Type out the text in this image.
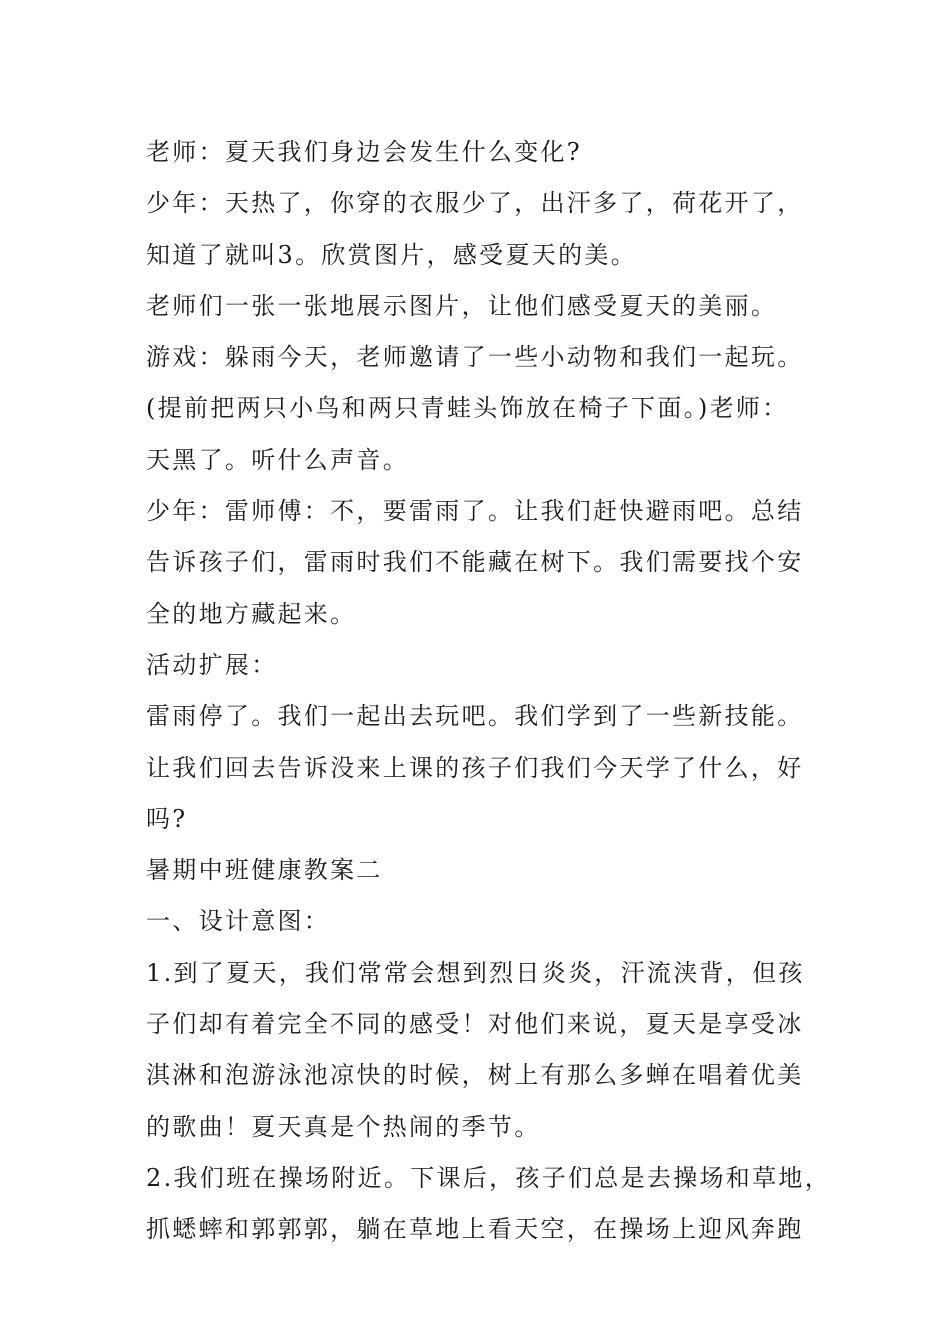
老师：夏天我们身边会发生什么变化?
少年：天热了，你穿的衣服少了，出汗多了，荷花开了，
知道了就叫3。欣赏图片，感受夏天的美。
老师们一张一张地展示图片，让他们感受夏天的美丽。
游戏：躲雨今天，老师邀请了一些小动物和我们一起玩。
(提前把两只小鸟和两只青蛙头饰放在椅子下面。)老师：
天黑了。听什么声音。
少年：雷师傅：不，要雷雨了。让我们赶快避雨吧。总结
告诉孩子们，雷雨时我们不能藏在树下。我们需要找个安
全的地方藏起来。
活动扩展：
雷雨停了。我们一起出去玩吧。我们学到了一些新技能。
让我们回去告诉没来上课的孩子们我们今天学了什么，好
吗?
暑期中班健康教案二
一、设计意图：
1.到了夏天，我们常常会想到烈日炎炎，汗流浃背，但孩
子们却有着完全不同的感受！对他们来说，夏天是享受冰
淇淋和泡游泳池凉快的时候，树上有那么多蝉在唱着优美
的歌曲！夏天真是个热闹的季节。
2.我们班在操场附近。下课后，孩子们总是去操场和草地，
抓蟋蟀和郭郭郭，躺在草地上看天空，在操场上迎风奔跑
